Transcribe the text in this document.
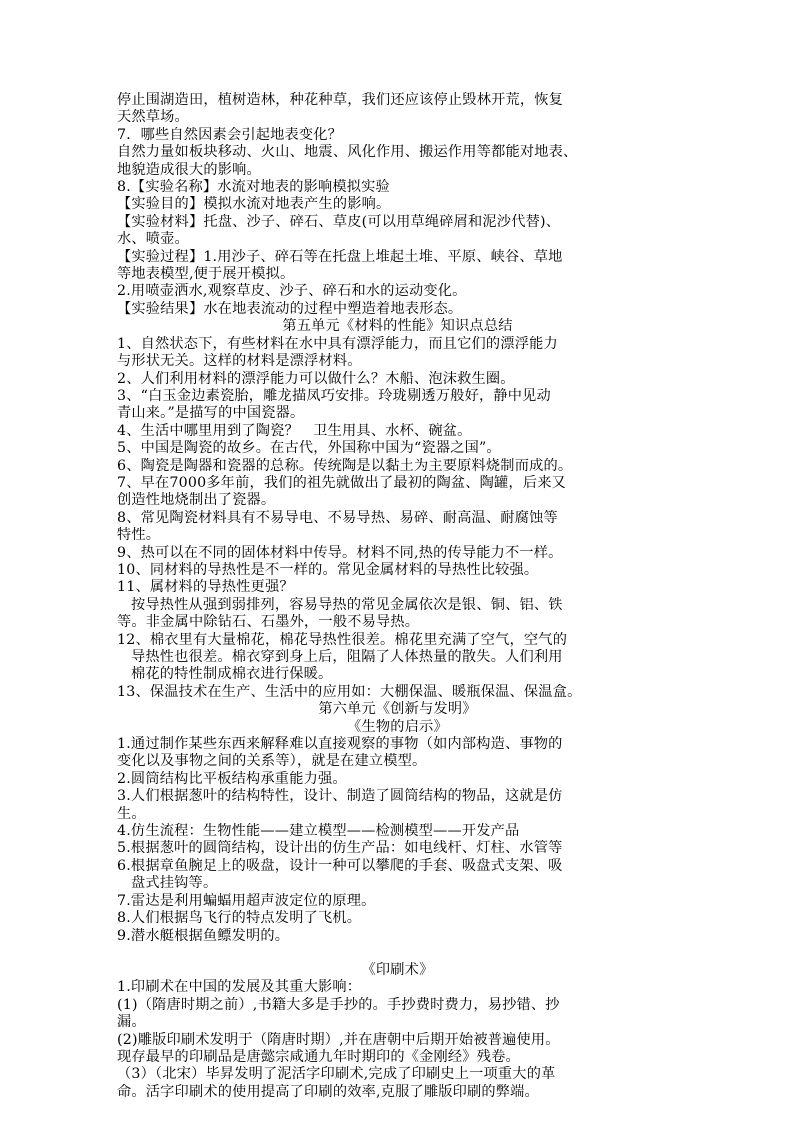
停止围湖造田，植树造林，种花种草，我们还应该停止毁林开荒，恢复
天然草场。
7．哪些自然因素会引起地表变化？
自然力量如板块移动、火山、地震、风化作用、搬运作用等都能对地表、
地貌造成很大的影响。
8.【实验名称】水流对地表的影响模拟实验
【实验目的】模拟水流对地表产生的影响。
【实验材料】托盘、沙子、碎石、草皮(可以用草绳碎屑和泥沙代替)、
水、喷壶。
【实验过程】1.用沙子、碎石等在托盘上堆起土堆、平原、峡谷、草地
等地表模型,便于展开模拟。
2.用喷壶洒水,观察草皮、沙子、碎石和水的运动变化。
【实验结果】水在地表流动的过程中塑造着地表形态。
第五单元《材料的性能》知识点总结
1、自然状态下，有些材料在水中具有漂浮能力，而且它们的漂浮能力
与形状无关。这样的材料是漂浮材料。
2、人们利用材料的漂浮能力可以做什么？木船、泡沫救生圈。
3、“白玉金边素瓷胎，雕龙描凤巧安排。玲珑剔透万般好，静中见动
青山来。”是描写的中国瓷器。
4、生活中哪里用到了陶瓷？　卫生用具、水杯、碗盆。
5、中国是陶瓷的故乡。在古代，外国称中国为“瓷器之国”。
6、陶瓷是陶器和瓷器的总称。传统陶是以黏土为主要原料烧制而成的。
7、早在7000多年前，我们的祖先就做出了最初的陶盆、陶罐，后来又
创造性地烧制出了瓷器。
8、常见陶瓷材料具有不易导电、不易导热、易碎、耐高温、耐腐蚀等
特性。
9、热可以在不同的固体材料中传导。材料不同,热的传导能力不一样。
10、同材料的导热性是不一样的。常见金属材料的导热性比较强。
11、属材料的导热性更强？
按导热性从强到弱排列，容易导热的常见金属依次是银、铜、铝、铁
等。非金属中除钻石、石墨外，一般不易导热。
12、棉衣里有大量棉花，棉花导热性很差。棉花里充满了空气，空气的
导热性也很差。棉衣穿到身上后，阻隔了人体热量的散失。人们利用
棉花的特性制成棉衣进行保暖。
13、保温技术在生产、生活中的应用如：大棚保温、暖瓶保温、保温盒。
第六单元《创新与发明》
《生物的启示》
1.通过制作某些东西来解释难以直接观察的事物（如内部构造、事物的
变化以及事物之间的关系等），就是在建立模型。
2.圆筒结构比平板结构承重能力强。
3.人们根据葱叶的结构特性，设计、制造了圆筒结构的物品，这就是仿
生。
4.仿生流程：生物性能——建立模型——检测模型——开发产品
5.根据葱叶的圆筒结构，设计出的仿生产品：如电线杆、灯柱、水管等
6.根据章鱼腕足上的吸盘，设计一种可以攀爬的手套、吸盘式支架、吸
盘式挂钩等。
7.雷达是利用蝙蝠用超声波定位的原理。
8.人们根据鸟飞行的特点发明了飞机。
9.潜水艇根据鱼鳔发明的。
《印刷术》
1.印刷术在中国的发展及其重大影响：
(1)（隋唐时期之前）,书籍大多是手抄的。手抄费时费力，易抄错、抄
漏。
(2)雕版印刷术发明于（隋唐时期）,并在唐朝中后期开始被普遍使用。
现存最早的印刷品是唐懿宗咸通九年时期印的《金刚经》残卷。
（3）（北宋）毕昇发明了泥活字印刷术,完成了印刷史上一项重大的革
命。活字印刷术的使用提高了印刷的效率,克服了雕版印刷的弊端。
